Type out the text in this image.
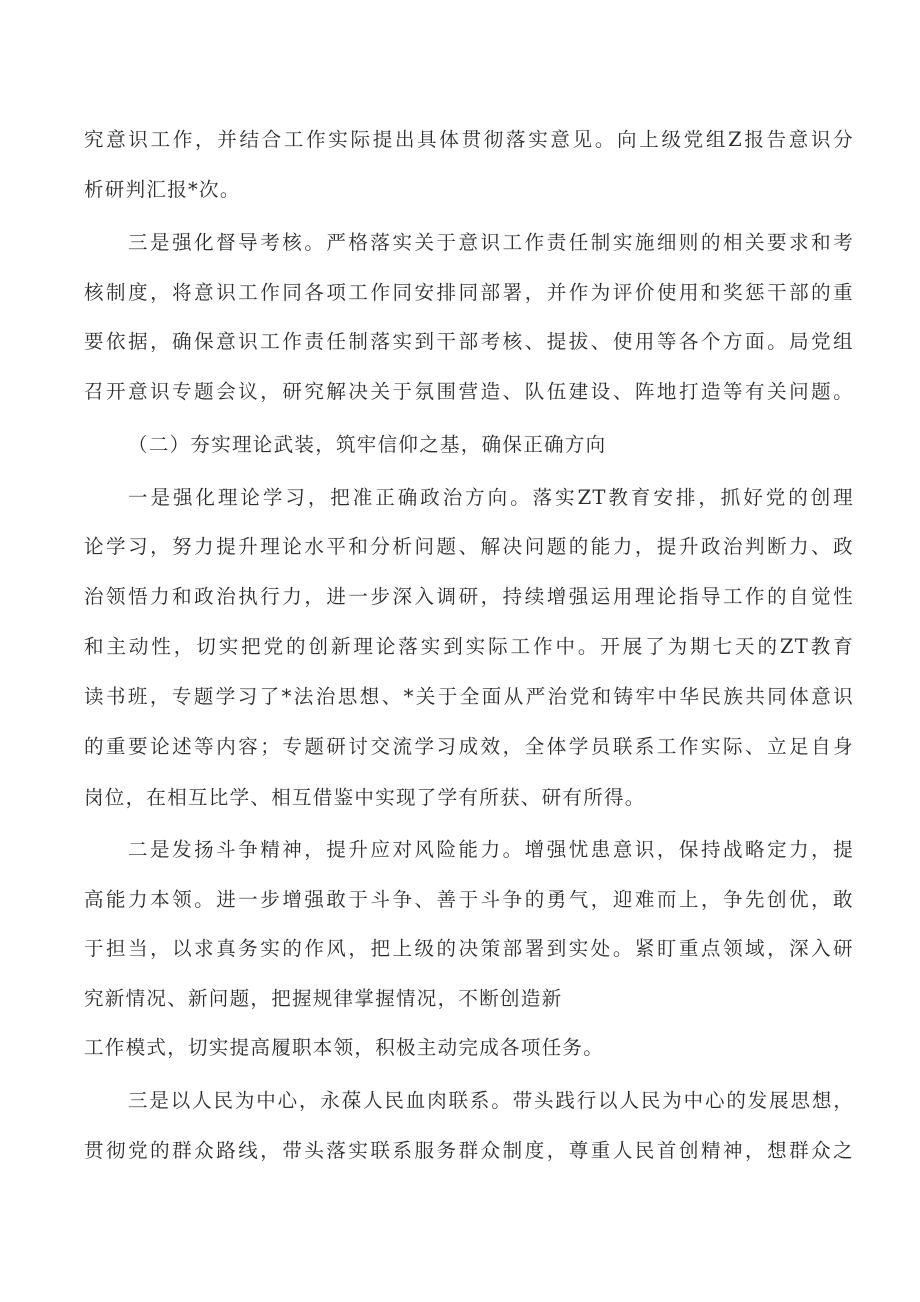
究意识工作，并结合工作实际提出具体贯彻落实意见。向上级党组Z报告意识分
析研判汇报*次。
三是强化督导考核。严格落实关于意识工作责任制实施细则的相关要求和考
核制度，将意识工作同各项工作同安排同部署，并作为评价使用和奖惩干部的重
要依据，确保意识工作责任制落实到干部考核、提拔、使用等各个方面。局党组
召开意识专题会议，研究解决关于氛围营造、队伍建设、阵地打造等有关问题。
（二）夯实理论武装，筑牢信仰之基，确保正确方向
一是强化理论学习，把准正确政治方向。落实ZT教育安排，抓好党的创理
论学习，努力提升理论水平和分析问题、解决问题的能力，提升政治判断力、政
治领悟力和政治执行力，进一步深入调研，持续增强运用理论指导工作的自觉性
和主动性，切实把党的创新理论落实到实际工作中。开展了为期七天的ZT教育
读书班，专题学习了*法治思想、*关于全面从严治党和铸牢中华民族共同体意识
的重要论述等内容；专题研讨交流学习成效，全体学员联系工作实际、立足自身
岗位，在相互比学、相互借鉴中实现了学有所获、研有所得。
二是发扬斗争精神，提升应对风险能力。增强忧患意识，保持战略定力，提
高能力本领。进一步增强敢于斗争、善于斗争的勇气，迎难而上，争先创优，敢
于担当，以求真务实的作风，把上级的决策部署到实处。紧盯重点领域，深入研
究新情况、新问题，把握规律掌握情况，不断创造新
工作模式，切实提高履职本领，积极主动完成各项任务。
三是以人民为中心，永葆人民血肉联系。带头践行以人民为中心的发展思想，
贯彻党的群众路线，带头落实联系服务群众制度，尊重人民首创精神，想群众之
